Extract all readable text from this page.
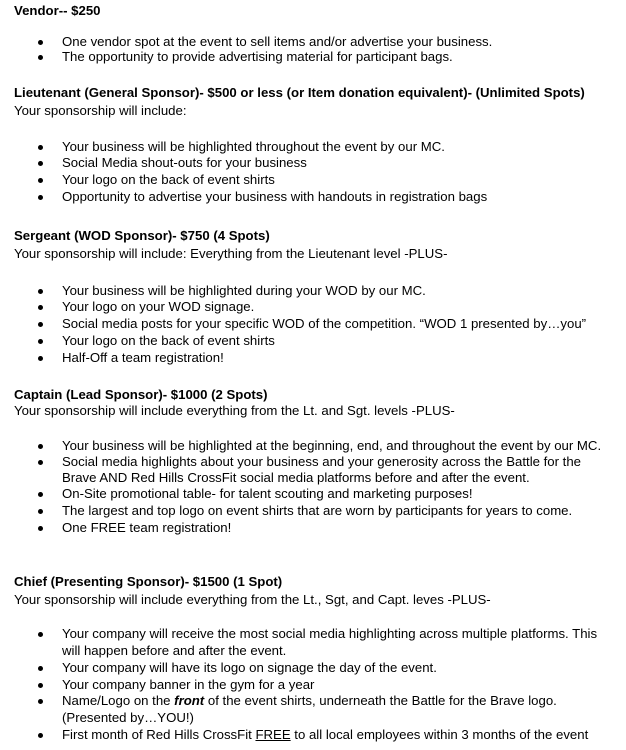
Vendor-- $250
One vendor spot at the event to sell items and/or advertise your business.
The opportunity to provide advertising material for participant bags.
Lieutenant (General Sponsor)- $500 or less (or Item donation equivalent)- (Unlimited Spots)
Your sponsorship will include:
Your business will be highlighted throughout the event by our MC.
Social Media shout-outs for your business
Your logo on the back of event shirts
Opportunity to advertise your business with handouts in registration bags
Sergeant (WOD Sponsor)- $750 (4 Spots)
Your sponsorship will include: Everything from the Lieutenant level -PLUS-
Your business will be highlighted during your WOD by our MC.
Your logo on your WOD signage.
Social media posts for your specific WOD of the competition. “WOD 1 presented by…you”
Your logo on the back of event shirts
Half-Off a team registration!
Captain (Lead Sponsor)- $1000 (2 Spots)
Your sponsorship will include everything from the Lt. and Sgt. levels -PLUS-
Your business will be highlighted at the beginning, end, and throughout the event by our MC.
Social media highlights about your business and your generosity across the Battle for the
Brave AND Red Hills CrossFit social media platforms before and after the event.
On-Site promotional table- for talent scouting and marketing purposes!
The largest and top logo on event shirts that are worn by participants for years to come.
One FREE team registration!
Chief (Presenting Sponsor)- $1500 (1 Spot)
Your sponsorship will include everything from the Lt., Sgt, and Capt. leves -PLUS-
Your company will receive the most social media highlighting across multiple platforms. This
will happen before and after the event.
Your company will have its logo on signage the day of the event.
Your company banner in the gym for a year
Name/Logo on the front of the event shirts, underneath the Battle for the Brave logo.
(Presented by…YOU!)
First month of Red Hills CrossFit FREE to all local employees within 3 months of the event
